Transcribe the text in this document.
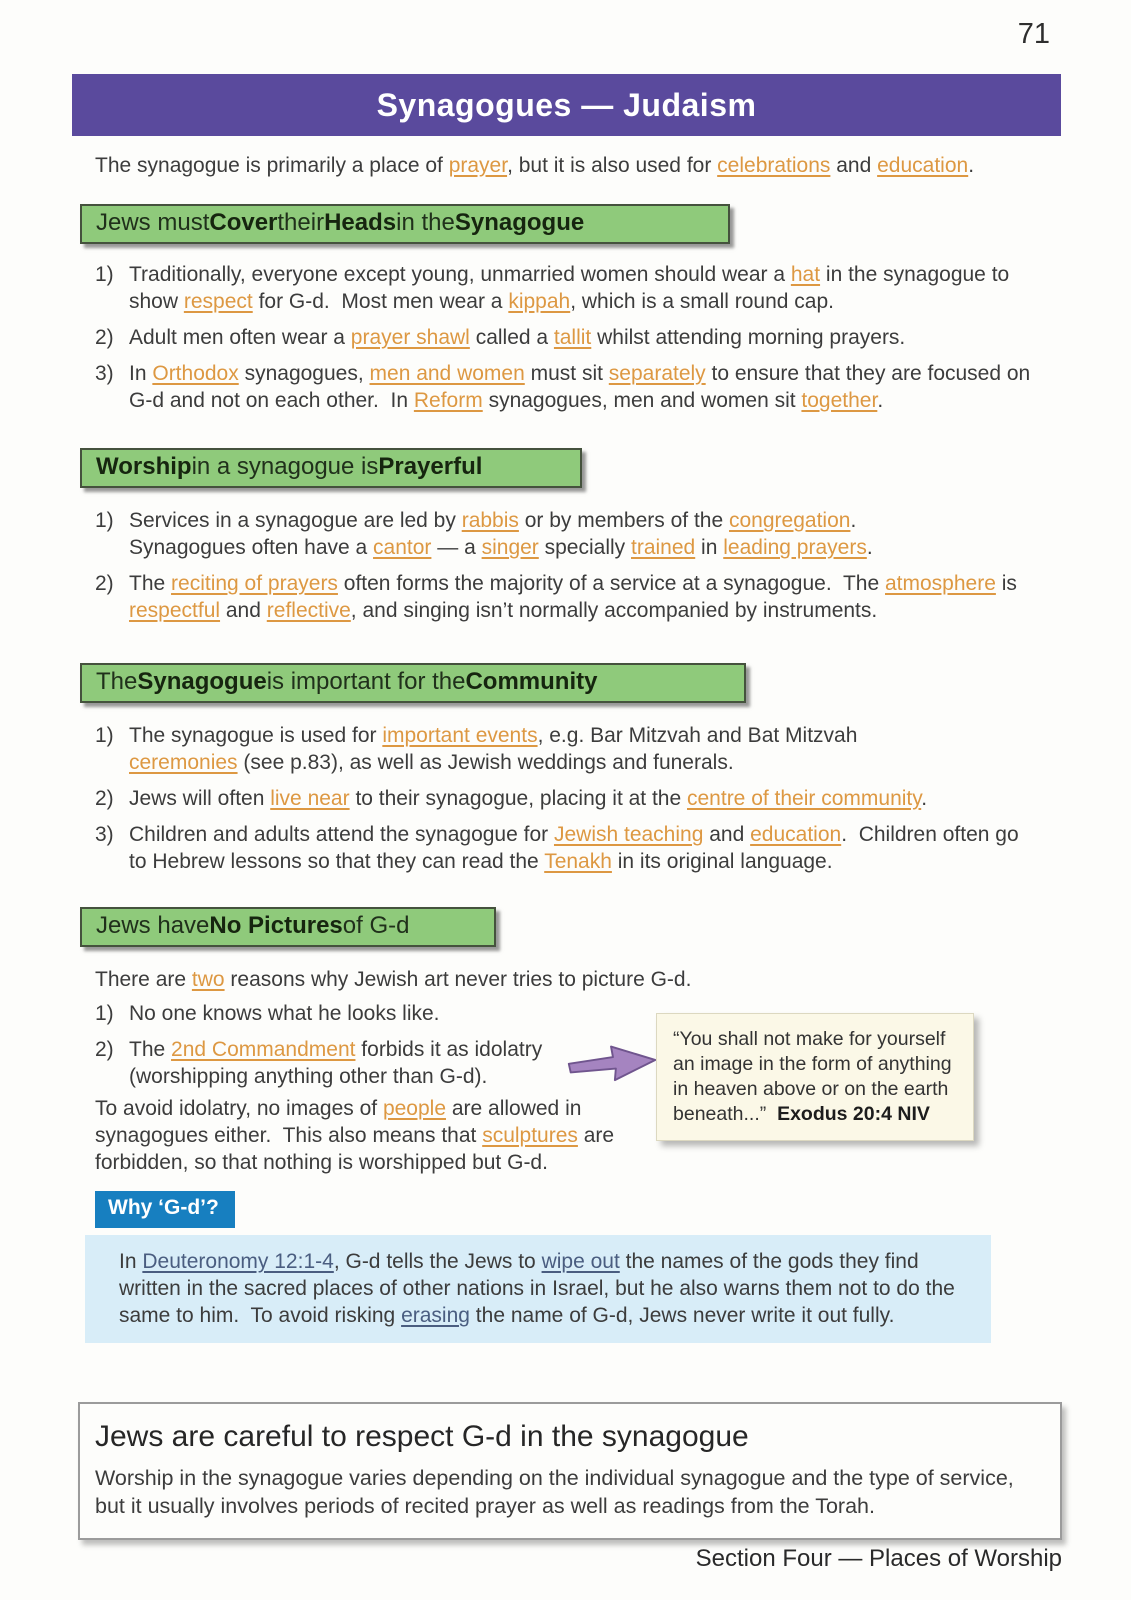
71
Synagogues — Judaism
The synagogue is primarily a place of prayer, but it is also used for celebrations and education.
Jews must Cover their Heads in the Synagogue
1) Traditionally, everyone except young, unmarried women should wear a hat in the synagogue to show respect for G-d.  Most men wear a kippah, which is a small round cap.
2) Adult men often wear a prayer shawl called a tallit whilst attending morning prayers.
3) In Orthodox synagogues, men and women must sit separately to ensure that they are focused on G-d and not on each other.  In Reform synagogues, men and women sit together.
Worship in a synagogue is Prayerful
1) Services in a synagogue are led by rabbis or by members of the congregation.
Synagogues often have a cantor — a singer specially trained in leading prayers.
2) The reciting of prayers often forms the majority of a service at a synagogue.  The atmosphere is respectful and reflective, and singing isn’t normally accompanied by instruments.
The Synagogue is important for the Community
1) The synagogue is used for important events, e.g. Bar Mitzvah and Bat Mitzvah
ceremonies (see p.83), as well as Jewish weddings and funerals.
2) Jews will often live near to their synagogue, placing it at the centre of their community.
3) Children and adults attend the synagogue for Jewish teaching and education.  Children often go to Hebrew lessons so that they can read the Tenakh in its original language.
Jews have No Pictures of G-d
There are two reasons why Jewish art never tries to picture G-d.
1) No one knows what he looks like.
2) The 2nd Commandment forbids it as idolatry
(worshipping anything other than G-d).
“You shall not make for yourself
an image in the form of anything
in heaven above or on the earth
beneath...”  Exodus 20:4 NIV
To avoid idolatry, no images of people are allowed in synagogues either.  This also means that sculptures are forbidden, so that nothing is worshipped but G-d.
Why ‘G-d’?
In Deuteronomy 12:1-4, G-d tells the Jews to wipe out the names of the gods they find written in the sacred places of other nations in Israel, but he also warns them not to do the same to him.  To avoid risking erasing the name of G-d, Jews never write it out fully.
Jews are careful to respect G-d in the synagogue
Worship in the synagogue varies depending on the individual synagogue and the type of service, but it usually involves periods of recited prayer as well as readings from the Torah.
Section Four — Places of Worship
